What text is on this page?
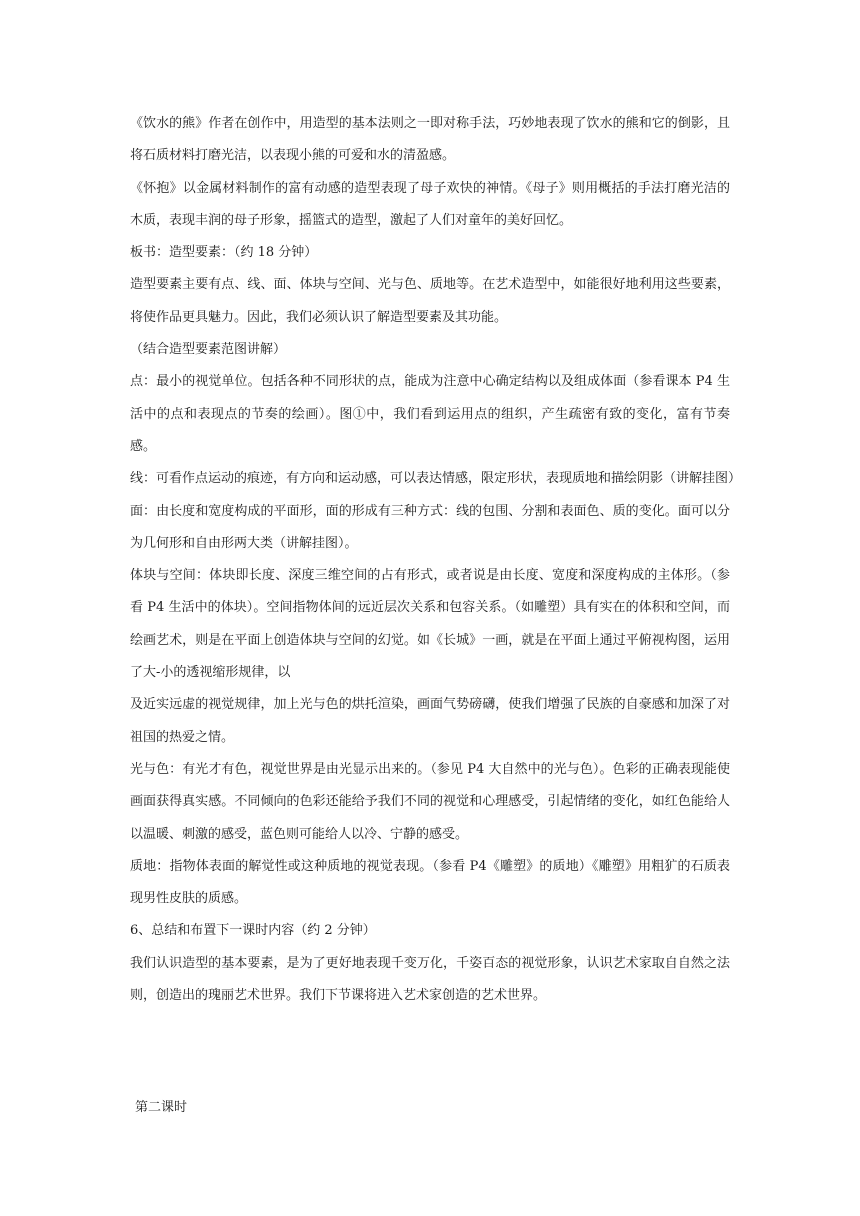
《饮水的熊》作者在创作中，用造型的基本法则之一即对称手法，巧妙地表现了饮水的熊和它的倒影，且将石质材料打磨光洁，以表现小熊的可爱和水的清盈感。

《怀抱》以金属材料制作的富有动感的造型表现了母子欢快的神情。《母子》则用概括的手法打磨光洁的木质，表现丰润的母子形象，摇篮式的造型，激起了人们对童年的美好回忆。

板书：造型要素：（约 18 分钟）

造型要素主要有点、线、面、体块与空间、光与色、质地等。在艺术造型中，如能很好地利用这些要素，将使作品更具魅力。因此，我们必须认识了解造型要素及其功能。

（结合造型要素范图讲解）

点：最小的视觉单位。包括各种不同形状的点，能成为注意中心确定结构以及组成体面（参看课本 P4 生活中的点和表现点的节奏的绘画）。图①中，我们看到运用点的组织，产生疏密有致的变化，富有节奏感。

线：可看作点运动的痕迹，有方向和运动感，可以表达情感，限定形状，表现质地和描绘阴影（讲解挂图）

面：由长度和宽度构成的平面形，面的形成有三种方式：线的包围、分割和表面色、质的变化。面可以分为几何形和自由形两大类（讲解挂图）。

体块与空间：体块即长度、深度三维空间的占有形式，或者说是由长度、宽度和深度构成的主体形。（参看 P4 生活中的体块）。空间指物体间的远近层次关系和包容关系。（如雕塑）具有实在的体积和空间，而绘画艺术，则是在平面上创造体块与空间的幻觉。如《长城》一画，就是在平面上通过平俯视构图，运用了大-小的透视缩形规律，以

及近实远虚的视觉规律，加上光与色的烘托渲染，画面气势磅礴，使我们增强了民族的自豪感和加深了对祖国的热爱之情。

光与色：有光才有色，视觉世界是由光显示出来的。（参见 P4 大自然中的光与色）。色彩的正确表现能使画面获得真实感。不同倾向的色彩还能给予我们不同的视觉和心理感受，引起情绪的变化，如红色能给人以温暖、刺激的感受，蓝色则可能给人以冷、宁静的感受。

质地：指物体表面的解觉性或这种质地的视觉表现。（参看 P4《雕塑》的质地）《雕塑》用粗犷的石质表现男性皮肤的质感。

6、总结和布置下一课时内容（约 2 分钟）

我们认识造型的基本要素，是为了更好地表现千变万化，千姿百态的视觉形象，认识艺术家取自自然之法则，创造出的瑰丽艺术世界。我们下节课将进入艺术家创造的艺术世界。

第二课时
